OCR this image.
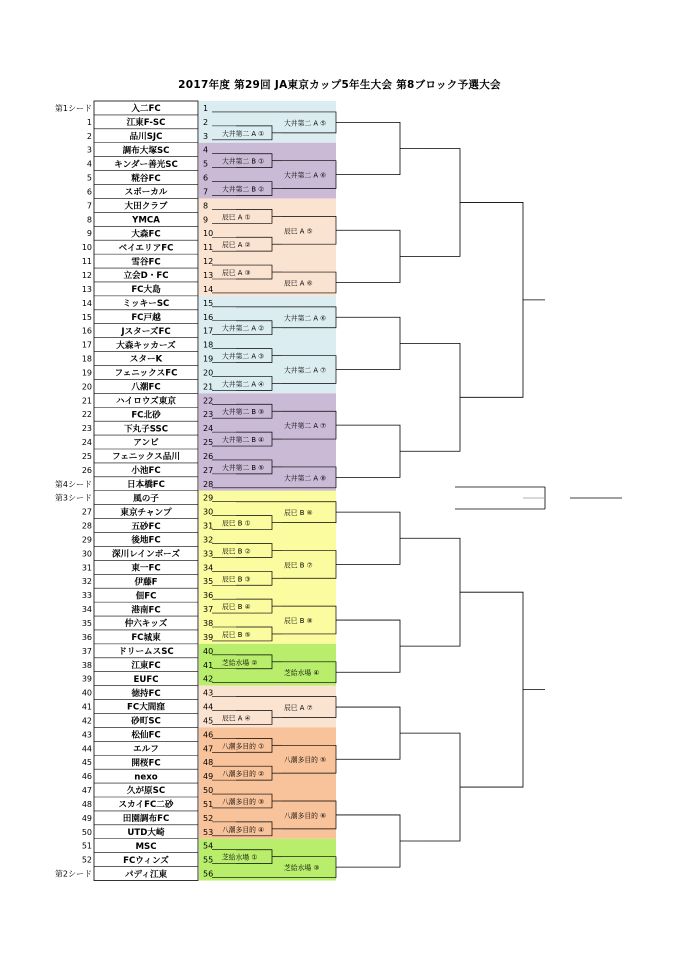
2017年度 第29回 JA東京カップ5年生大会 第8ブロック予選大会
第1シード	入二FC	1
1	江東F-SC	2
2	品川SJC	3
3	調布大塚SC	4
4	キンダー善光SC	5
5	糀谷FC	6
6	スポーカル	7
7	大田クラブ	8
8	YMCA	9
9	大森FC	10
10	ベイエリアFC	11
11	雪谷FC	12
12	立会D・FC	13
13	FC大島	14
14	ミッキーSC	15
15	FC戸越	16
16	JスターズFC	17
17	大森キッカーズ	18
18	スターK	19
19	フェニックスFC	20
20	八潮FC	21
21	ハイロウズ東京	22
22	FC北砂	23
23	下丸子SSC	24
24	アンビ	25
25 フェニックス品川	26
26	小池FC	27
第4シード	日本橋FC	28
第3シード	風の子	29
27	東京チャンプ	30
28	五砂FC	31
29	後地FC	32
30 深川レインボーズ	33
31	東一FC	34
32	伊藤F	35
33	佃FC	36
34	港南FC	37
35	仲六キッズ	38
36	FC城東	39
37	ドリームスSC	40
38	江東FC	41
39	EUFC	42
40	徳持FC	43
41	FC大間窪	44
42	砂町SC	45
43	松仙FC	46
44	エルフ	47
45	開桜FC	48
46	nexo	49
47	久が原SC	50
48	スカイFC二砂	51
49	田園調布FC	52
50	UTD大崎	53
51	MSC	54
52	FCウィンズ	55
第2シード	パディ江東	56
大井第二 A ①
大井第二 B ①
大井第二 B ②
辰巳 A ①
辰巳 A ②
辰巳 A ③
大井第二 A ②
大井第二 A ③
大井第二 A ④
大井第二 B ③
大井第二 B ④
大井第二 B ⑤
辰巳 B ①
辰巳 B ②
辰巳 B ③
辰巳 B ④
辰巳 B ⑤
芝給水場 ②
辰巳 A ④
八潮多目的 ①
八潮多目的 ②
八潮多目的 ③
八潮多目的 ④
芝給水場 ①
大井第二 A ⑤
大井第二 A ⑥
辰巳 A ⑤
辰巳 A ⑥
大井第二 A ⑥
大井第二 A ⑦
大井第二 A ⑦
大井第二 A ⑧
辰巳 B ⑥
辰巳 B ⑦
辰巳 B ⑧
芝給水場 ④
辰巳 A ⑦
八潮多目的 ⑤
八潮多目的 ⑥
芝給水場 ③
